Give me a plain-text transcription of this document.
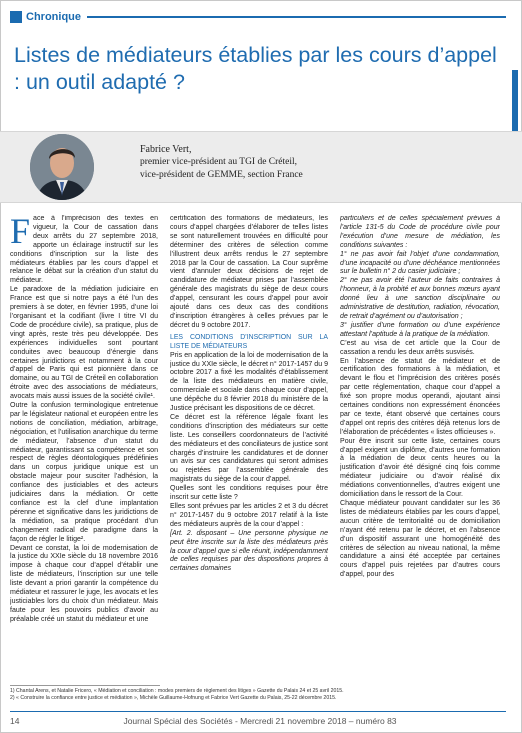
Chronique
Listes de médiateurs établies par les cours d’appel : un outil adapté ?
Fabrice Vert,
premier vice-président au TGI de Créteil,
vice-président de GEMME, section France
F ace à l’imprécision des textes en vigueur, la Cour de cassation dans deux arrêts du 27 septembre 2018, apporte un éclairage instructif sur les conditions d’inscription sur la liste des médiateurs établies par les cours d’appel et relance le débat sur la création d’un statut du médiateur.

Le paradoxe de la médiation judiciaire en France est que si notre pays a été l’un des premiers à se doter, en février 1995, d’une loi l’organisant et la codifiant (livre I titre VI du Code de procédure civile), sa pratique, plus de vingt après, reste très peu développée. Des expériences individuelles sont pourtant conduites avec beaucoup d’énergie dans certaines juridictions et notamment à la cour d’appel de Paris qui est pionnière dans ce domaine, ou au TGI de Créteil en collaboration étroite avec des associations de médiateurs, avocats mais aussi issues de la société civile¹.

Outre la confusion terminologique entretenue par le législateur national et européen entre les notions de conciliation, médiation, arbitrage, négociation, et l’utilisation anarchique du terme de médiateur, l’absence d’un statut du médiateur, garantissant sa compétence et son respect de règles déontologiques prédéfinies dans un corpus juridique unique est un obstacle majeur pour susciter l’adhésion, la confiance des justiciables et des acteurs judiciaires dans la médiation. Or cette confiance est la clef d’une implantation pérenne et significative dans les juridictions de la médiation, sa pratique procédant d’un changement radical de paradigme dans la façon de régler le litige².

Devant ce constat, la loi de modernisation de la justice du XXIe siècle du 18 novembre 2016 impose à chaque cour d’appel d’établir une liste de médiateurs, l’inscription sur une telle liste devant a priori garantir la compétence du médiateur et rassurer le juge, les avocats et les justiciables lors du choix d’un médiateur. Mais faute pour les pouvoirs publics d’avoir au préalable créé un statut du médiateur et une

certification des formations de médiateurs, les cours d’appel chargées d’élaborer de telles listes se sont naturellement trouvées en difficulté pour déterminer des critères de sélection comme l’illustrent deux arrêts rendus le 27 septembre 2018 par la Cour de cassation. La Cour suprême vient d’annuler deux décisions de rejet de candidature de médiateur prises par l’assemblée générale des magistrats du siège de deux cours d’appel, censurant les cours d’appel pour avoir ajouté dans ces deux cas des conditions d’inscription étrangères à celles prévues par le décret du 9 octobre 2017.

LES CONDITIONS D’INSCRIPTION SUR LA LISTE DE MÉDIATEURS

Pris en application de la loi de modernisation de la justice du XXIe siècle, le décret n° 2017-1457 du 9 octobre 2017 a fixé les modalités d’établissement de la liste des médiateurs en matière civile, commerciale et sociale dans chaque cour d’appel, une dépêche du 8 février 2018 du ministère de la Justice précisant les dispositions de ce décret.

Ce décret est la référence légale fixant les conditions d’inscription des médiateurs sur cette liste. Les conseillers coordonnateurs de l’activité des médiateurs et des conciliateurs de justice sont chargés d’instruire les candidatures et de donner un avis sur ces candidatures qui seront admises ou rejetées par l’assemblée générale des magistrats du siège de la cour d’appel.

Quelles sont les conditions requises pour être inscrit sur cette liste ?

Elles sont prévues par les articles 2 et 3 du décret n° 2017-1457 du 9 octobre 2017 relatif à la liste des médiateurs auprès de la cour d’appel :

[Art. 2. disposant – Une personne physique ne peut être inscrite sur la liste des médiateurs près la cour d’appel que si elle réunit, indépendamment de celles requises par des dispositions propres à certaines domaines

particuliers et de celles spécialement prévues à l’article 131-5 du Code de procédure civile pour l’exécution d’une mesure de médiation, les conditions suivantes :

1° ne pas avoir fait l’objet d’une condamnation, d’une incapacité ou d’une déchéance mentionnées sur le bulletin n° 2 du casier judiciaire ;

2° ne pas avoir été l’auteur de faits contraires à l’honneur, à la probité et aux bonnes mœurs ayant donné lieu à une sanction disciplinaire ou administrative de destitution, radiation, révocation, de retrait d’agrément ou d’autorisation ;

3° justifier d’une formation ou d’une expérience attestant l’aptitude à la pratique de la médiation.

C’est au visa de cet article que la Cour de cassation a rendu les deux arrêts susvisés.

En l’absence de statut de médiateur et de certification des formations à la médiation, et devant le flou et l’imprécision des critères posés par cette réglementation, chaque cour d’appel a fixé son propre modus operandi, ajoutant ainsi certaines conditions non expressément énoncées par ce texte, étant observé que certaines cours d’appel ont repris des critères déjà retenus lors de l’élaboration de précédentes « listes officieuses ».

Pour être inscrit sur cette liste, certaines cours d’appel exigent un diplôme, d’autres une formation à la médiation de deux cents heures ou la justification d’avoir été désigné cinq fois comme médiateur judiciaire ou d’avoir réalisé dix médiations conventionnelles, d’autres exigent une domiciliation dans le ressort de la Cour.

Chaque médiateur pouvant candidater sur les 36 listes de médiateurs établies par les cours d’appel, aucun critère de territorialité ou de domiciliation n’ayant été retenu par le décret, et en l’absence d’un dispositif assurant une homogénéité des critères de sélection au niveau national, la même candidature a ainsi été acceptée par certaines cours d’appel puis rejetées par d’autres cours d’appel, pour des

1) Chantal Arens, et Natalie Fricero, « Médiation et conciliation : modes premiers de règlement des litiges » Gazette du Palais 24 et 25 avril 2015.
2) « Construire la confiance entre justice et médiation », Michèle Guillaume-Hofnung et Fabrice Vert Gazette du Palais, 25-22 décembre 2015.
14	Journal Spécial des Sociétés - Mercredi 21 novembre 2018 – numéro 83
